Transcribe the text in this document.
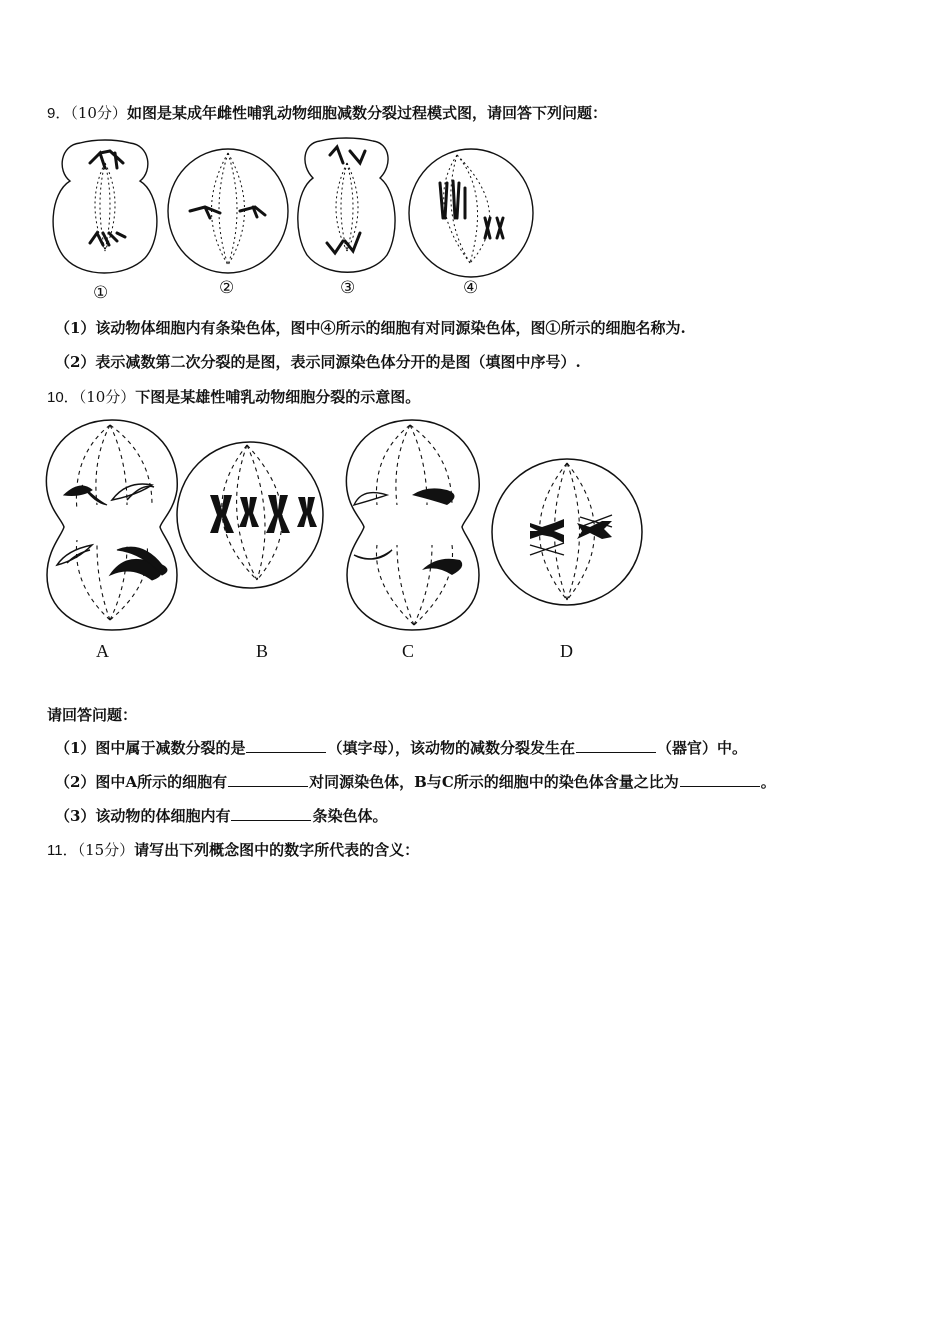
9．（10分）如图是某成年雌性哺乳动物细胞减数分裂过程模式图，请回答下列问题：
①	②	③	④
（1）该动物体细胞内有条染色体，图中④所示的细胞有对同源染色体，图①所示的细胞名称为.
（2）表示减数第二次分裂的是图，表示同源染色体分开的是图（填图中序号）.
10．（10分）下图是某雄性哺乳动物细胞分裂的示意图。
A	B	C	D
请回答问题：
（1）图中属于减数分裂的是	（填字母），该动物的减数分裂发生在	（器官）中。
（2）图中A所示的细胞有	对同源染色体，B与C所示的细胞中的染色体含量之比为	。
（3）该动物的体细胞内有	条染色体。
11．（15分）请写出下列概念图中的数字所代表的含义：
